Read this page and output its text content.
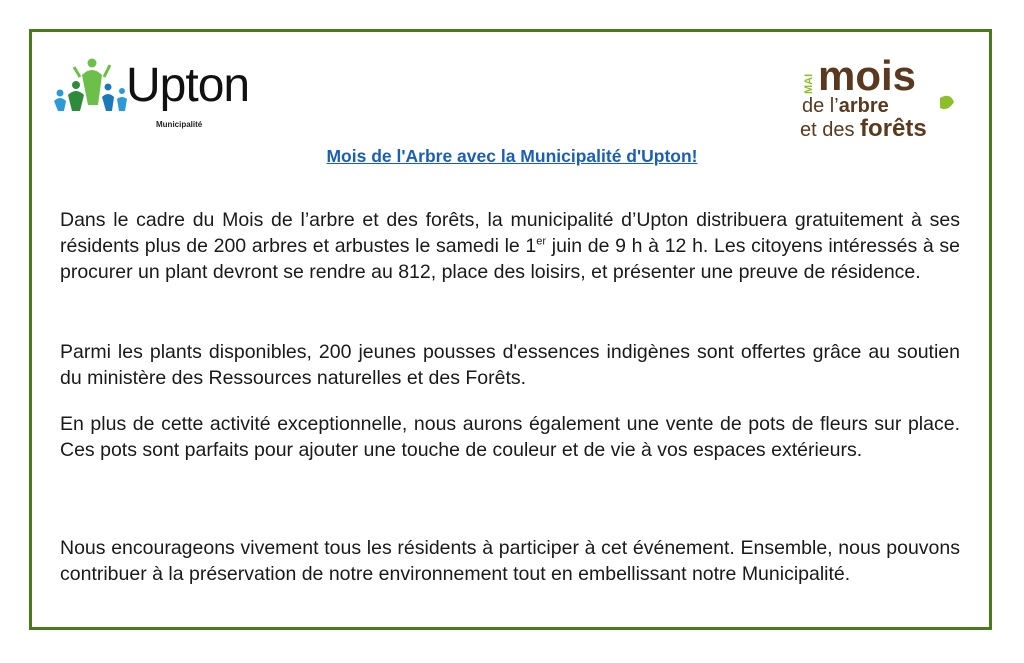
Upton
Municipalité
MAI mois
de l’arbre
et des forêts
Mois de l'Arbre avec la Municipalité d'Upton!

Dans le cadre du Mois de l’arbre et des forêts, la municipalité d’Upton distribuera gratuitement à ses résidents plus de 200 arbres et arbustes le samedi le 1er juin de 9 h à 12 h. Les citoyens intéressés à se procurer un plant devront se rendre au 812, place des loisirs, et présenter une preuve de résidence.

Parmi les plants disponibles, 200 jeunes pousses d'essences indigènes sont offertes grâce au soutien du ministère des Ressources naturelles et des Forêts.

En plus de cette activité exceptionnelle, nous aurons également une vente de pots de fleurs sur place. Ces pots sont parfaits pour ajouter une touche de couleur et de vie à vos espaces extérieurs.

Nous encourageons vivement tous les résidents à participer à cet événement. Ensemble, nous pouvons contribuer à la préservation de notre environnement tout en embellissant notre Municipalité.
